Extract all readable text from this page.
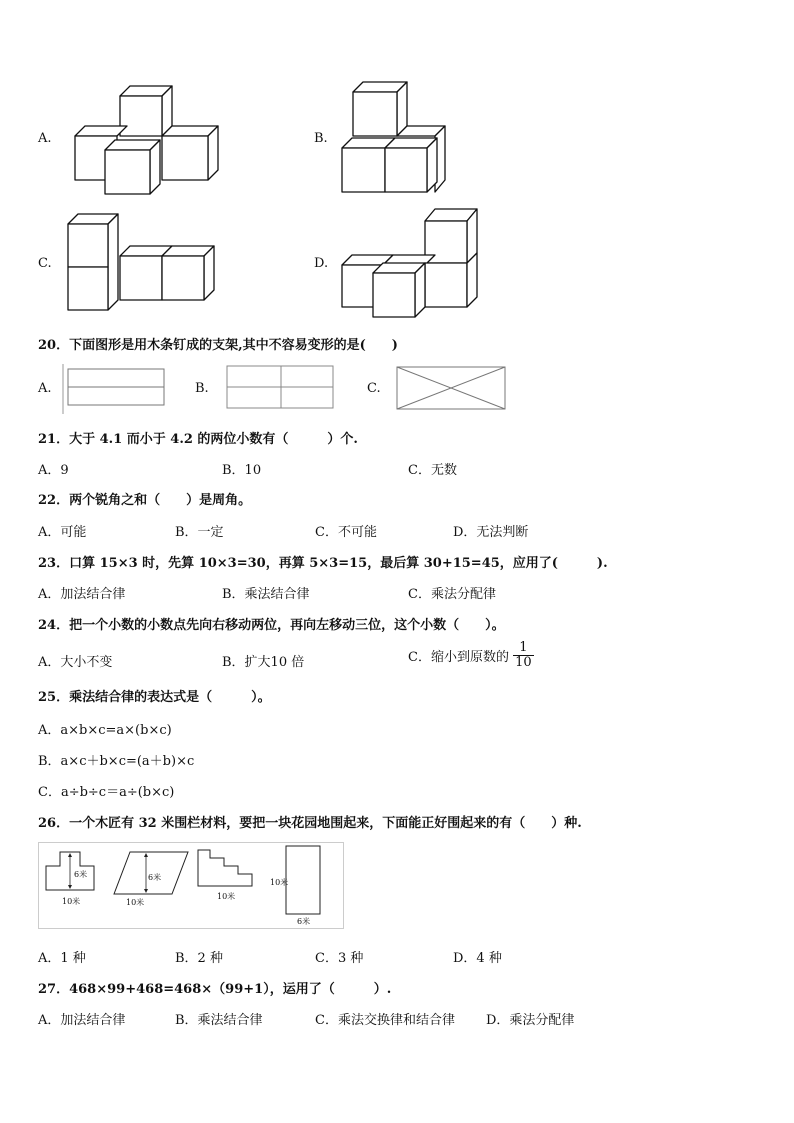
A.	B.
C.	D.
20．下面图形是用木条钉成的支架,其中不容易变形的是(　　)
A.	B.	C.
21．大于 4.1 而小于 4.2 的两位小数有（　　　）个.
A．9	B．10	C．无数
22．两个锐角之和（　　）是周角。
A．可能	B．一定	C．不可能	D．无法判断
23．口算 15×3 时，先算 10×3=30，再算 5×3=15，最后算 30+15=45，应用了(　　　).
A．加法结合律	B．乘法结合律	C．乘法分配律
24．把一个小数的小数点先向右移动两位，再向左移动三位，这个小数（　　）。
A．大小不变	B．扩大10 倍	C．缩小到原数的 $\frac{1}{10}$
25．乘法结合律的表达式是（　　　）。
A．a×b×c=a×(b×c)
B．a×c＋b×c=(a＋b)×c
C．a÷b÷c＝a÷(b×c)
26．一个木匠有 32 米围栏材料，要把一块花园地围起来，下面能正好围起来的有（　　）种.
6米
10米
6米
10米
10米
10米
6米
A．1 种	B．2 种	C．3 种	D．4 种
27．468×99+468=468×（99+1），运用了（　　　）.
A．加法结合律	B．乘法结合律	C．乘法交换律和结合律 D．乘法分配律
